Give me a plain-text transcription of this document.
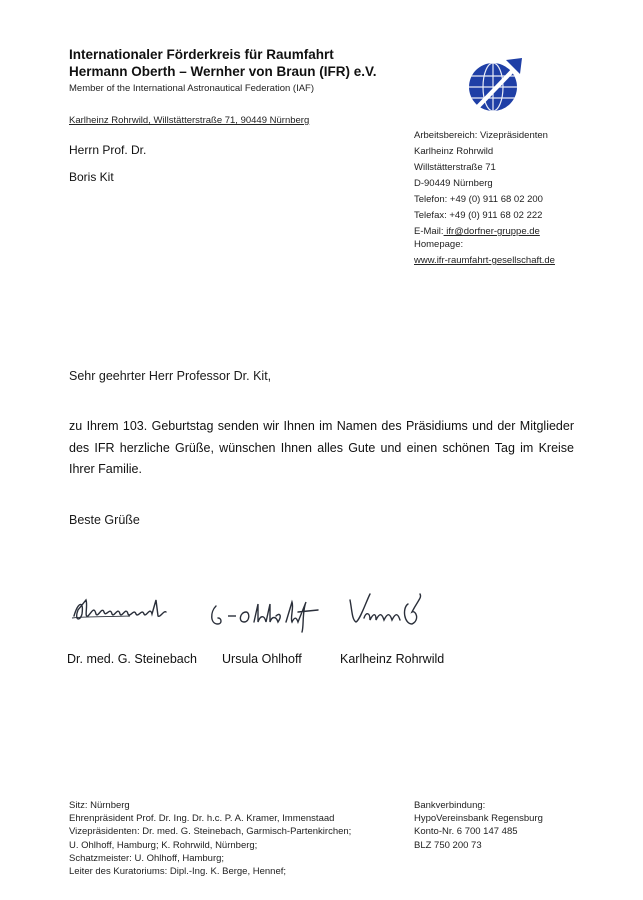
Internationaler Förderkreis für Raumfahrt
Hermann Oberth – Wernher von Braun (IFR) e.V.
Member of the International Astronautical Federation (IAF)
Karlheinz Rohrwild, Willstätterstraße 71, 90449 Nürnberg
Herrn Prof. Dr.
Boris Kit
Arbeitsbereich: Vizepräsidenten
Karlheinz Rohrwild
Willstätterstraße 71
D-90449 Nürnberg
Telefon: +49 (0) 911 68 02 200
Telefax: +49 (0) 911 68 02 222
E-Mail: ifr@dorfner-gruppe.de
Homepage:
www.ifr-raumfahrt-gesellschaft.de
Sehr geehrter Herr Professor Dr. Kit,
zu Ihrem 103. Geburtstag senden wir Ihnen im Namen des Präsidiums und der Mitglieder des IFR herzliche Grüße, wünschen Ihnen alles Gute und einen schönen Tag im Kreise Ihrer Familie.
Beste Grüße
Dr. med. G. Steinebach Ursula Ohlhoff	Karlheinz Rohrwild
Sitz: Nürnberg
Ehrenpräsident Prof. Dr. Ing. Dr. h.c. P. A. Kramer, Immenstaad
Vizepräsidenten: Dr. med. G. Steinebach, Garmisch-Partenkirchen;
U. Ohlhoff, Hamburg; K. Rohrwild, Nürnberg;
Schatzmeister: U. Ohlhoff, Hamburg;
Leiter des Kuratoriums: Dipl.-Ing. K. Berge, Hennef;
Bankverbindung:
HypoVereinsbank Regensburg
Konto-Nr. 6 700 147 485
BLZ 750 200 73
